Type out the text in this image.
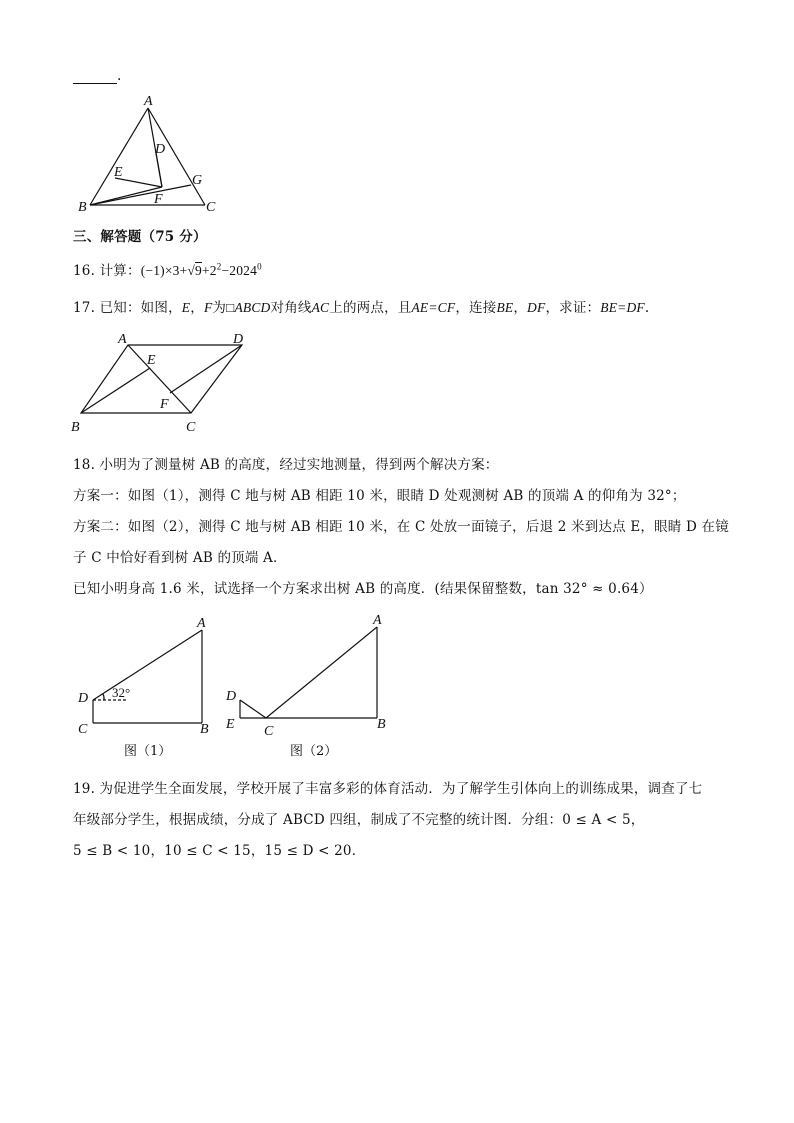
.
A
D
E
G
F
B	C
三、解答题（75 分）
16. 计算：$(-1)\times 3+√9+2^2-2024^0$
17. 已知：如图，E，F为□ABCD对角线AC上的两点，且AE=CF，连接BE，DF，求证：BE=DF.
A	D
E
F
B	C
18. 小明为了测量树 AB 的高度，经过实地测量，得到两个解决方案：
方案一：如图（1），测得 C 地与树 AB 相距 10 米，眼睛 D 处观测树 AB 的顶端 A 的仰角为 32°；
方案二：如图（2），测得 C 地与树 AB 相距 10 米，在 C 处放一面镜子，后退 2 米到达点 E，眼睛 D 在镜
子 C 中恰好看到树 AB 的顶端 A．
已知小明身高 1.6 米，试选择一个方案求出树 AB 的高度．(结果保留整数，tan 32° ≈ 0.64）
A
D 32°
C	B
图（1）
A
D
E C	B
图（2）
19. 为促进学生全面发展，学校开展了丰富多彩的体育活动．为了解学生引体向上的训练成果，调查了七
年级部分学生，根据成绩，分成了 ABCD 四组，制成了不完整的统计图．分组：0 ≤ A < 5，
5 ≤ B < 10，10 ≤ C < 15，15 ≤ D < 20．
